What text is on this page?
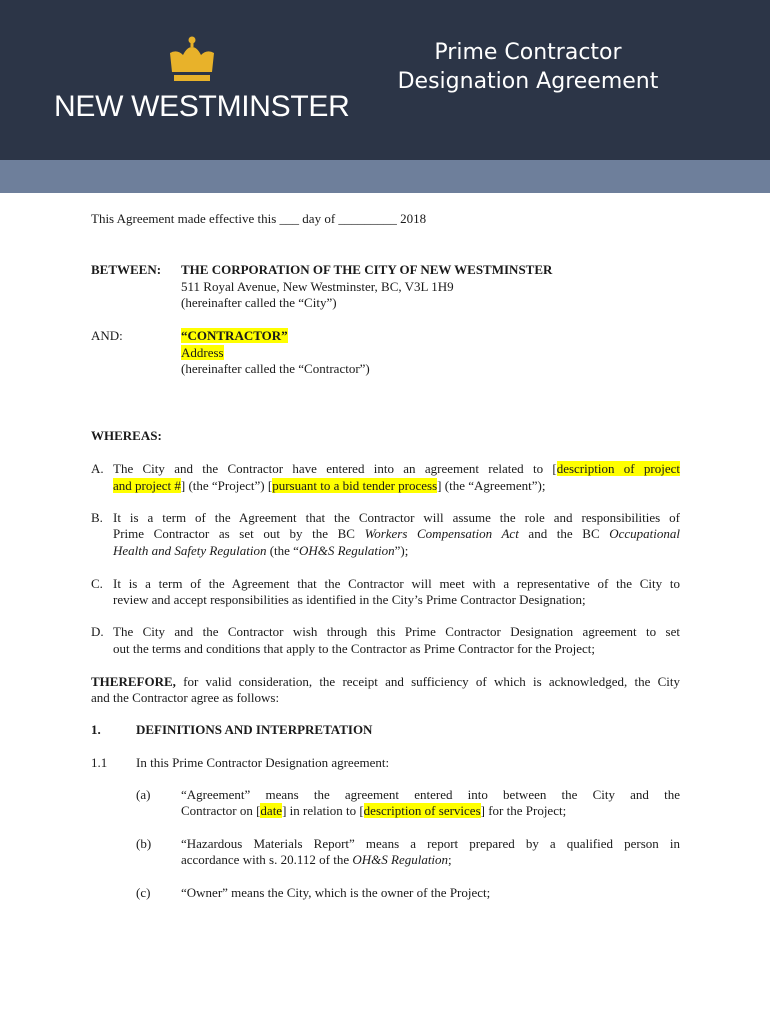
NEW WESTMINSTER
Prime Contractor
Designation Agreement
This Agreement made effective this ___ day of _________ 2018
BETWEEN: THE CORPORATION OF THE CITY OF NEW WESTMINSTER
511 Royal Avenue, New Westminster, BC, V3L 1H9
(hereinafter called the “City”)
AND:	“CONTRACTOR”
Address
(hereinafter called the “Contractor”)
WHEREAS:
A. The City and the Contractor have entered into an agreement related to [description of project
and project #] (the “Project”) [pursuant to a bid tender process] (the “Agreement”);
B. It is a term of the Agreement that the Contractor will assume the role and responsibilities of
Prime Contractor as set out by the BC Workers Compensation Act and the BC Occupational
Health and Safety Regulation (the “OH&S Regulation”);
C. It is a term of the Agreement that the Contractor will meet with a representative of the City to
review and accept responsibilities as identified in the City’s Prime Contractor Designation;
D. The City and the Contractor wish through this Prime Contractor Designation agreement to set
out the terms and conditions that apply to the Contractor as Prime Contractor for the Project;
THEREFORE, for valid consideration, the receipt and sufficiency of which is acknowledged, the City
and the Contractor agree as follows:
1.	DEFINITIONS AND INTERPRETATION
1.1 In this Prime Contractor Designation agreement:
(a) “Agreement” means the agreement entered into between the City and the
Contractor on [date] in relation to [description of services] for the Project;
(b) “Hazardous Materials Report” means a report prepared by a qualified person in
accordance with s. 20.112 of the OH&S Regulation;
(c) “Owner” means the City, which is the owner of the Project;
